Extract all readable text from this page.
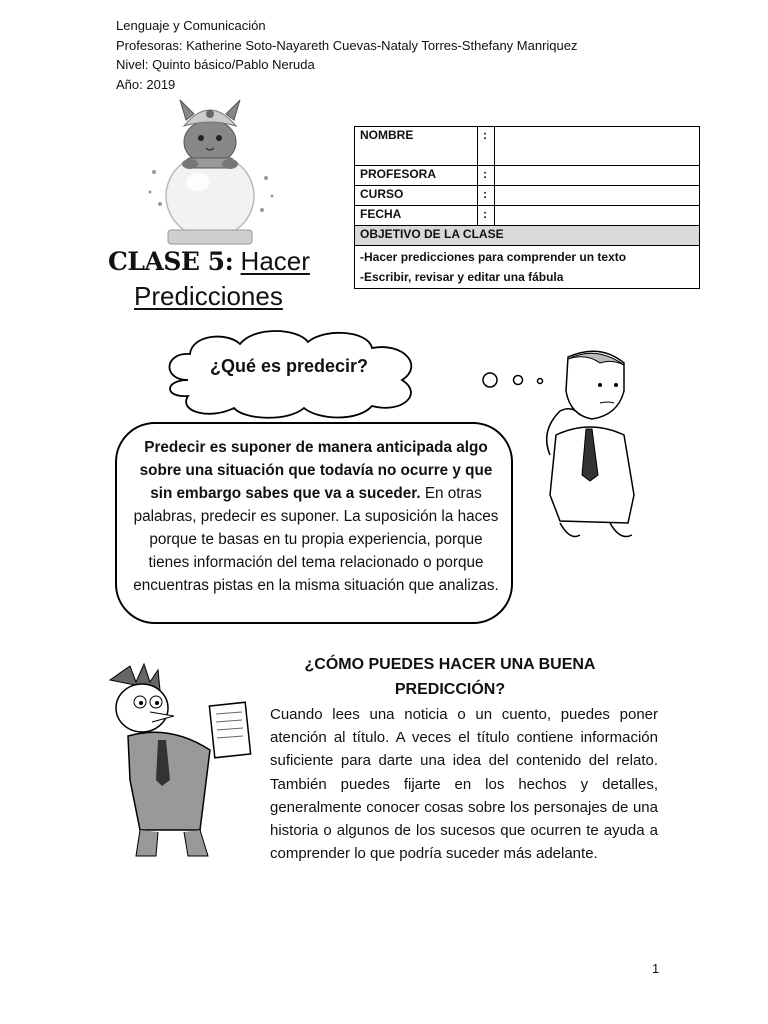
Lenguaje y Comunicación
Profesoras: Katherine Soto-Nayareth Cuevas-Nataly Torres-Sthefany Manriquez
Nivel: Quinto básico/Pablo Neruda
Año: 2019
CLASE 5: Hacer
Predicciones
NOMBRE	:	
PROFESORA	:	
CURSO	:	
FECHA	:	
OBJETIVO DE LA CLASE		

-Hacer predicciones para comprender un texto
-Escribir, revisar y editar una fábula		
¿Qué es predecir?
Predecir es suponer de manera anticipada algo sobre una situación que todavía no ocurre y que sin embargo sabes que va a suceder. En otras palabras, predecir es suponer. La suposición la haces porque te basas en tu propia experiencia, porque tienes información del tema relacionado o porque encuentras pistas en la misma situación que analizas.
¿CÓMO PUEDES HACER UNA BUENA PREDICCIÓN?
Cuando lees una noticia o un cuento, puedes poner atención al título. A veces el título contiene información suficiente para darte una idea del contenido del relato. También puedes fijarte en los hechos y detalles, generalmente conocer cosas sobre los personajes de una historia o algunos de los sucesos que ocurren te ayuda a comprender lo que podría suceder más adelante.
1
